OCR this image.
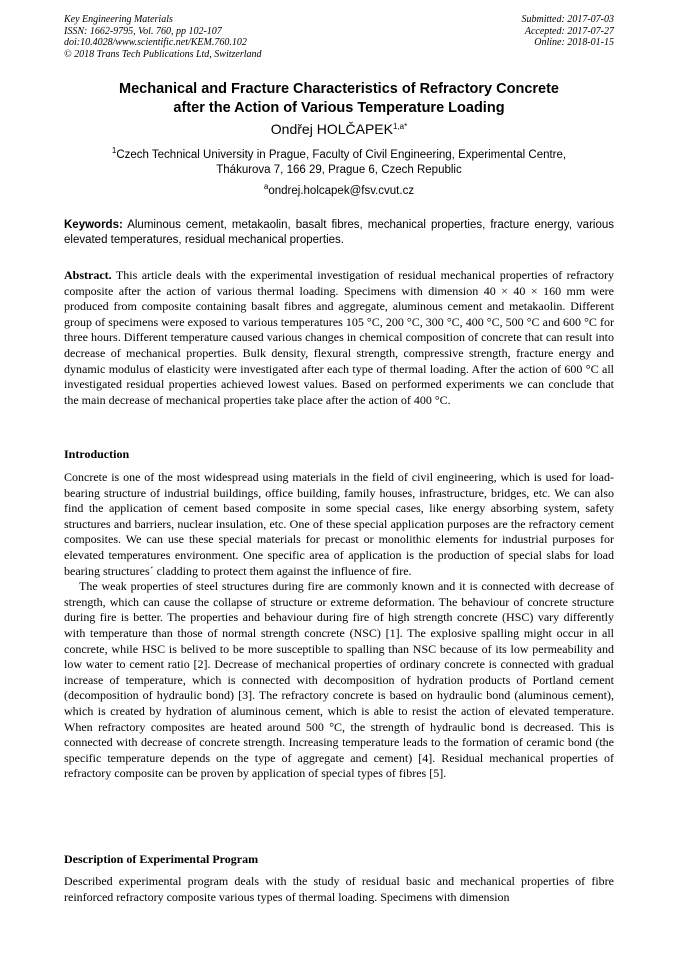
Key Engineering Materials
ISSN: 1662-9795, Vol. 760, pp 102-107
doi:10.4028/www.scientific.net/KEM.760.102
© 2018 Trans Tech Publications Ltd, Switzerland
Submitted: 2017-07-03
Accepted: 2017-07-27
Online: 2018-01-15
Mechanical and Fracture Characteristics of Refractory Concrete
after the Action of Various Temperature Loading
Ondřej $HOLČAPEK^{1,a*}$
$^1$Czech Technical University in Prague, Faculty of Civil Engineering, Experimental Centre,
Thákurova 7, 166 29, Prague 6, Czech Republic
$^a$ondrej.holcapek@fsv.cvut.cz
Keywords: Aluminous cement, metakaolin, basalt fibres, mechanical properties, fracture energy, various elevated temperatures, residual mechanical properties.
Abstract. This article deals with the experimental investigation of residual mechanical properties of refractory composite after the action of various thermal loading. Specimens with dimension 40 × 40 × 160 mm were produced from composite containing basalt fibres and aggregate, aluminous cement and metakaolin. Different group of specimens were exposed to various temperatures 105 °C, 200 °C, 300 °C, 400 °C, 500 °C and 600 °C for three hours. Different temperature caused various changes in chemical composition of concrete that can result into decrease of mechanical properties. Bulk density, flexural strength, compressive strength, fracture energy and dynamic modulus of elasticity were investigated after each type of thermal loading. After the action of 600 °C all investigated residual properties achieved lowest values. Based on performed experiments we can conclude that the main decrease of mechanical properties take place after the action of 400 °C.
Introduction

Concrete is one of the most widespread using materials in the field of civil engineering, which is used for load-bearing structure of industrial buildings, office building, family houses, infrastructure, bridges, etc. We can also find the application of cement based composite in some special cases, like energy absorbing system, safety structures and barriers, nuclear insulation, etc. One of these special application purposes are the refractory cement composites. We can use these special materials for precast or monolithic elements for industrial purposes for elevated temperatures environment. One specific area of application is the production of special slabs for load bearing structures´ cladding to protect them against the influence of fire.

The weak properties of steel structures during fire are commonly known and it is connected with decrease of strength, which can cause the collapse of structure or extreme deformation. The behaviour of concrete structure during fire is better. The properties and behaviour during fire of high strength concrete (HSC) vary differently with temperature than those of normal strength concrete (NSC) [1]. The explosive spalling might occur in all concrete, while HSC is belived to be more susceptible to spalling than NSC because of its low permeability and low water to cement ratio [2]. Decrease of mechanical properties of ordinary concrete is connected with gradual increase of temperature, which is connected with decomposition of hydration products of Portland cement (decomposition of hydraulic bond) [3]. The refractory concrete is based on hydraulic bond (aluminous cement), which is created by hydration of aluminous cement, which is able to resist the action of elevated temperature. When refractory composites are heated around 500 °C, the strength of hydraulic bond is decreased. This is connected with decrease of concrete strength. Increasing temperature leads to the formation of ceramic bond (the specific temperature depends on the type of aggregate and cement) [4]. Residual mechanical properties of refractory composite can be proven by application of special types of fibres [5].

Description of Experimental Program
Described experimental program deals with the study of residual basic and mechanical properties of fibre reinforced refractory composite various types of thermal loading. Specimens with dimension
